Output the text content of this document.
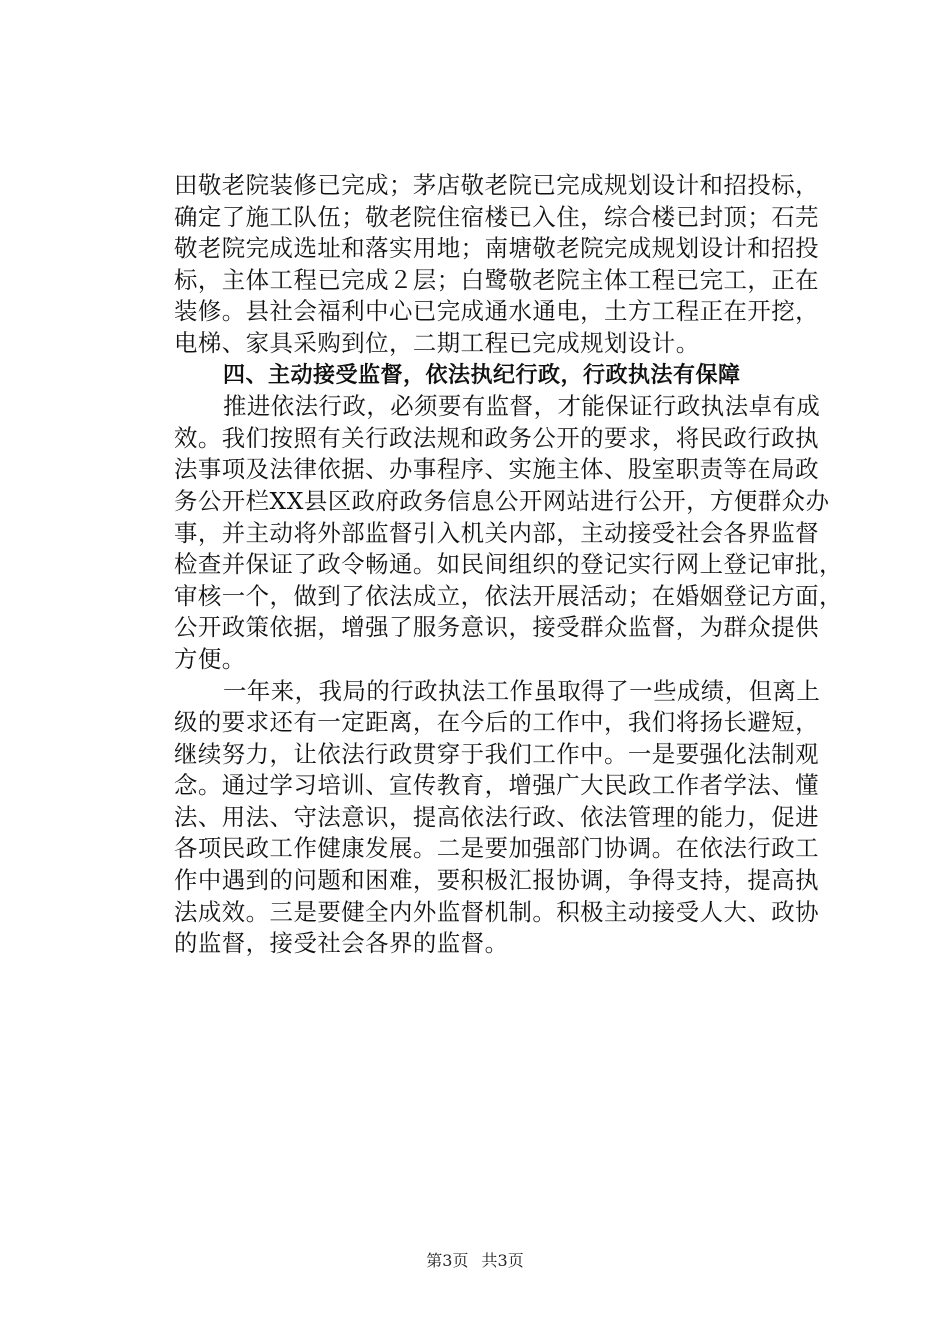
田敬老院装修已完成；茅店敬老院已完成规划设计和招投标，
确定了施工队伍；敬老院住宿楼已入住，综合楼已封顶；石芫
敬老院完成选址和落实用地；南塘敬老院完成规划设计和招投
标，主体工程已完成２层；白鹭敬老院主体工程已完工，正在
装修。县社会福利中心已完成通水通电，土方工程正在开挖，
电梯、家具采购到位，二期工程已完成规划设计。
四、主动接受监督，依法执纪行政，行政执法有保障
推进依法行政，必须要有监督，才能保证行政执法卓有成
效。我们按照有关行政法规和政务公开的要求，将民政行政执
法事项及法律依据、办事程序、实施主体、股室职责等在局政
务公开栏XX县区政府政务信息公开网站进行公开，方便群众办
事，并主动将外部监督引入机关内部，主动接受社会各界监督
检查并保证了政令畅通。如民间组织的登记实行网上登记审批，
审核一个，做到了依法成立，依法开展活动；在婚姻登记方面，
公开政策依据，增强了服务意识，接受群众监督，为群众提供
方便。
一年来，我局的行政执法工作虽取得了一些成绩，但离上
级的要求还有一定距离，在今后的工作中，我们将扬长避短，
继续努力，让依法行政贯穿于我们工作中。一是要强化法制观
念。通过学习培训、宣传教育，增强广大民政工作者学法、懂
法、用法、守法意识，提高依法行政、依法管理的能力，促进
各项民政工作健康发展。二是要加强部门协调。在依法行政工
作中遇到的问题和困难，要积极汇报协调，争得支持，提高执
法成效。三是要健全内外监督机制。积极主动接受人大、政协
的监督，接受社会各界的监督。
第3页 共3页
